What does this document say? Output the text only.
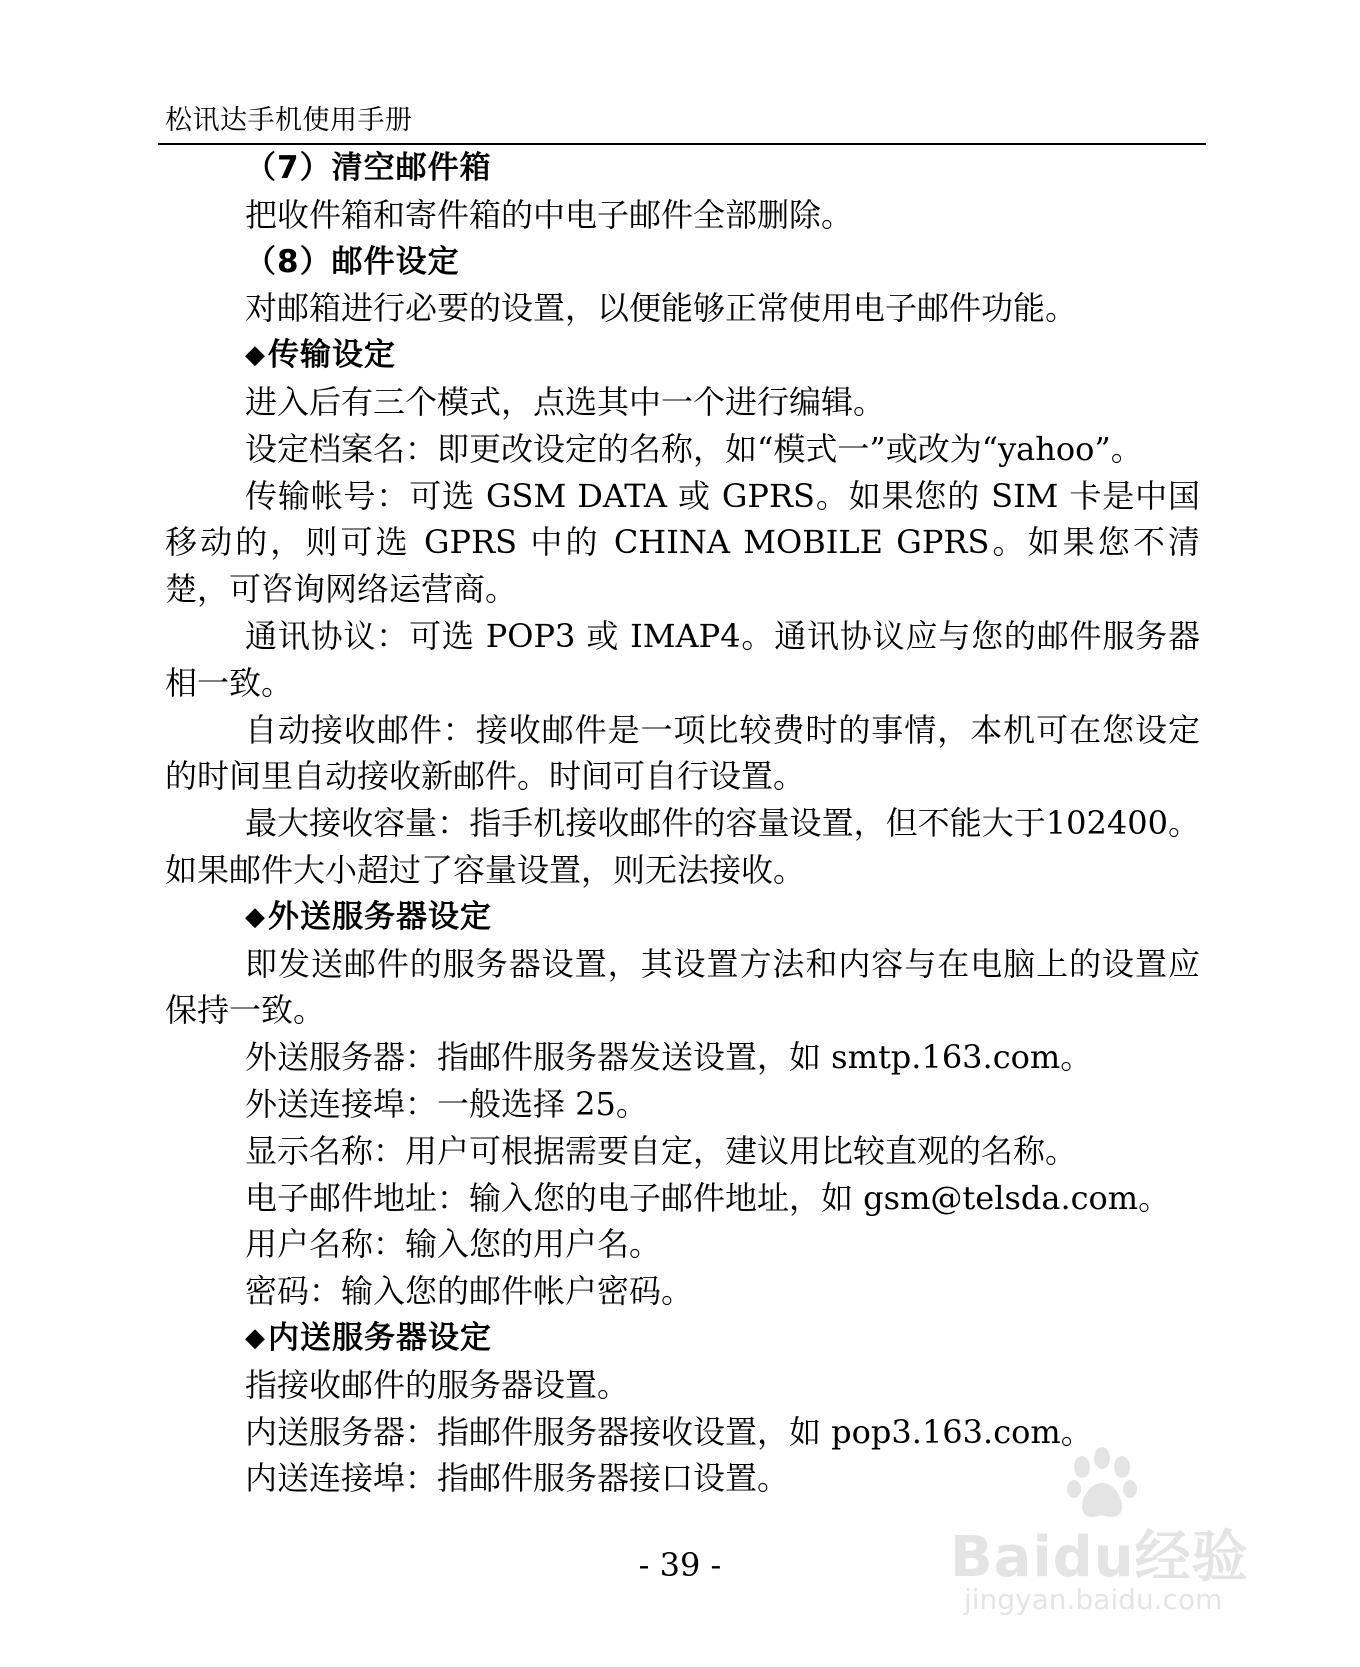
松讯达手机使用手册
（7）清空邮件箱

把收件箱和寄件箱的中电子邮件全部删除。

（8）邮件设定

对邮箱进行必要的设置，以便能够正常使用电子邮件功能。

◆传输设定

进入后有三个模式，点选其中一个进行编辑。

设定档案名：即更改设定的名称，如“模式一”或改为“yahoo”。

传输帐号：可选 GSM DATA 或 GPRS。如果您的 SIM 卡是中国移动的，则可选 GPRS 中的 CHINA MOBILE GPRS。如果您不清楚，可咨询网络运营商。

通讯协议：可选 POP3 或 IMAP4。通讯协议应与您的邮件服务器相一致。

自动接收邮件：接收邮件是一项比较费时的事情，本机可在您设定的时间里自动接收新邮件。时间可自行设置。

最大接收容量：指手机接收邮件的容量设置，但不能大于102400。如果邮件大小超过了容量设置，则无法接收。

◆外送服务器设定

即发送邮件的服务器设置，其设置方法和内容与在电脑上的设置应保持一致。

外送服务器：指邮件服务器发送设置，如 smtp.163.com。

外送连接埠：一般选择 25。

显示名称：用户可根据需要自定，建议用比较直观的名称。

电子邮件地址：输入您的电子邮件地址，如 gsm@telsda.com。

用户名称：输入您的用户名。

密码：输入您的邮件帐户密码。

◆内送服务器设定

指接收邮件的服务器设置。

内送服务器：指邮件服务器接收设置，如 pop3.163.com。

内送连接埠：指邮件服务器接口设置。

- 39 -	Baidu经验
jingyan.baidu.com
